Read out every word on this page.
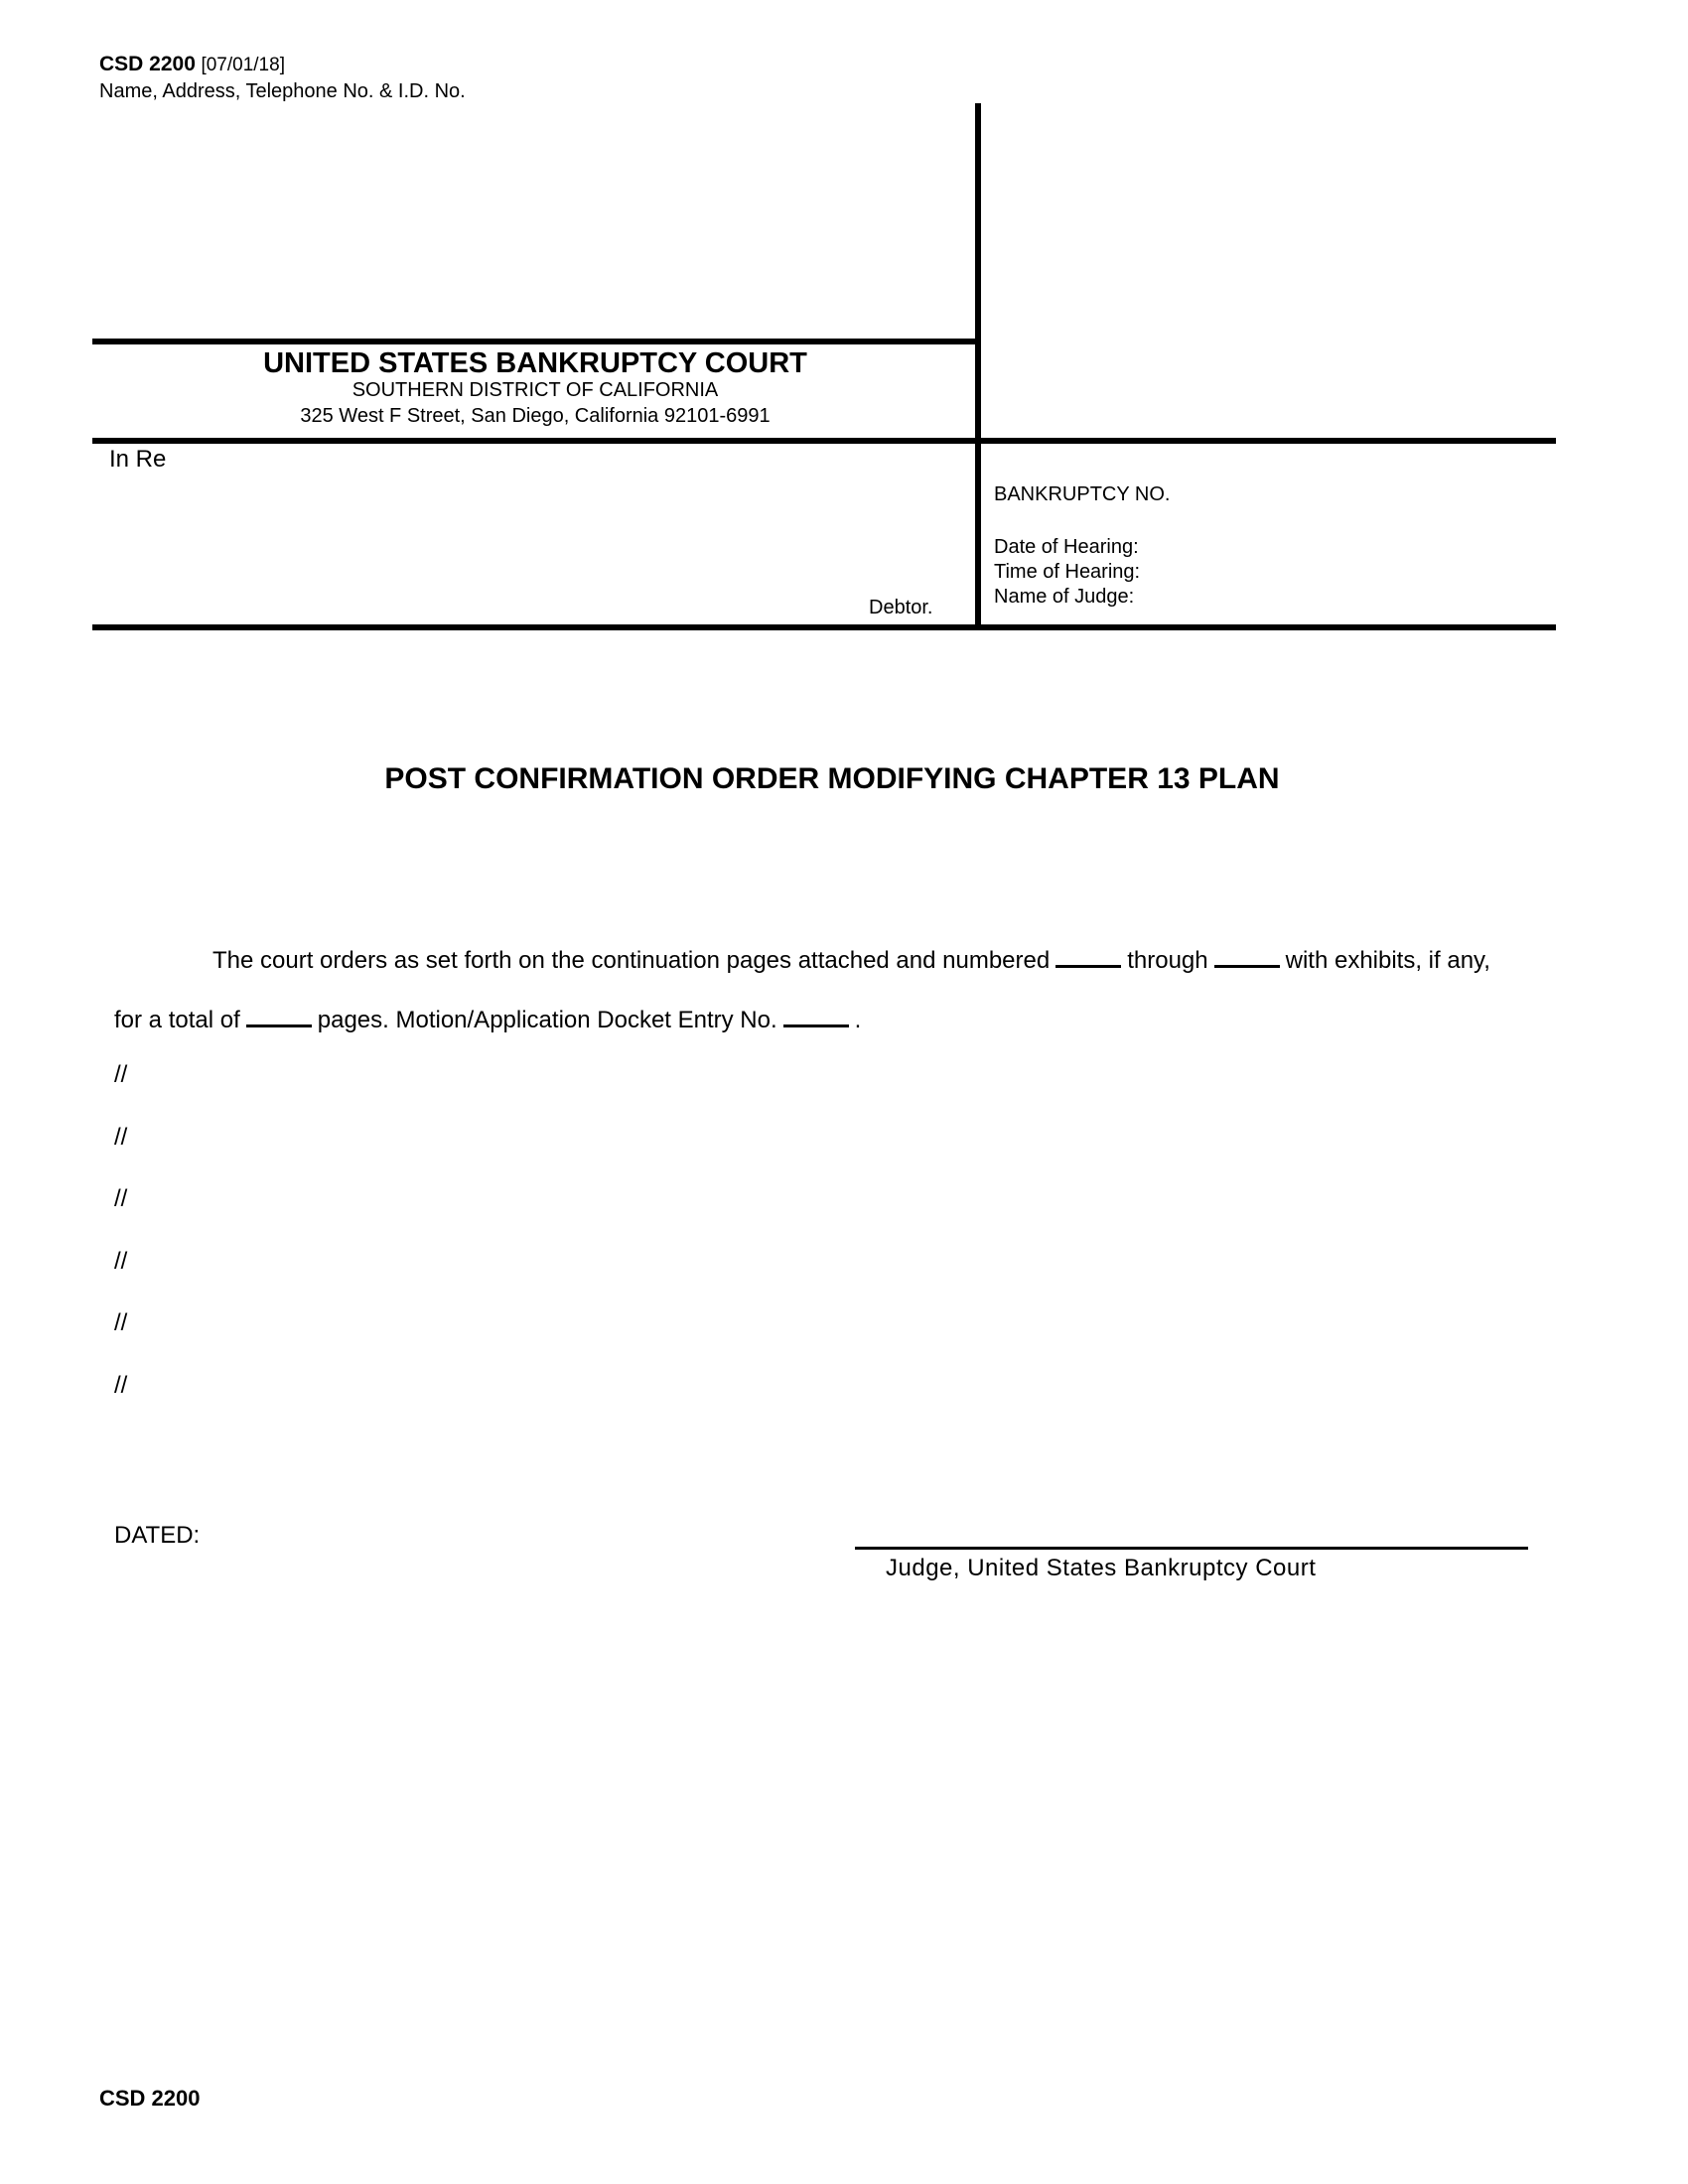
CSD 2200 [07/01/18]
Name, Address, Telephone No. & I.D. No.
UNITED STATES BANKRUPTCY COURT
SOUTHERN DISTRICT OF CALIFORNIA
325 West F Street, San Diego, California 92101-6991
In Re
Debtor.
BANKRUPTCY NO.
Date of Hearing:
Time of Hearing:
Name of Judge:
POST CONFIRMATION ORDER MODIFYING CHAPTER 13 PLAN
The court orders as set forth on the continuation pages attached and numbered	through	with exhibits, if any,
for a total of	pages. Motion/Application Docket Entry No.	.
//
//
//
//
//
//
DATED:
Judge, United States Bankruptcy Court
CSD 2200
